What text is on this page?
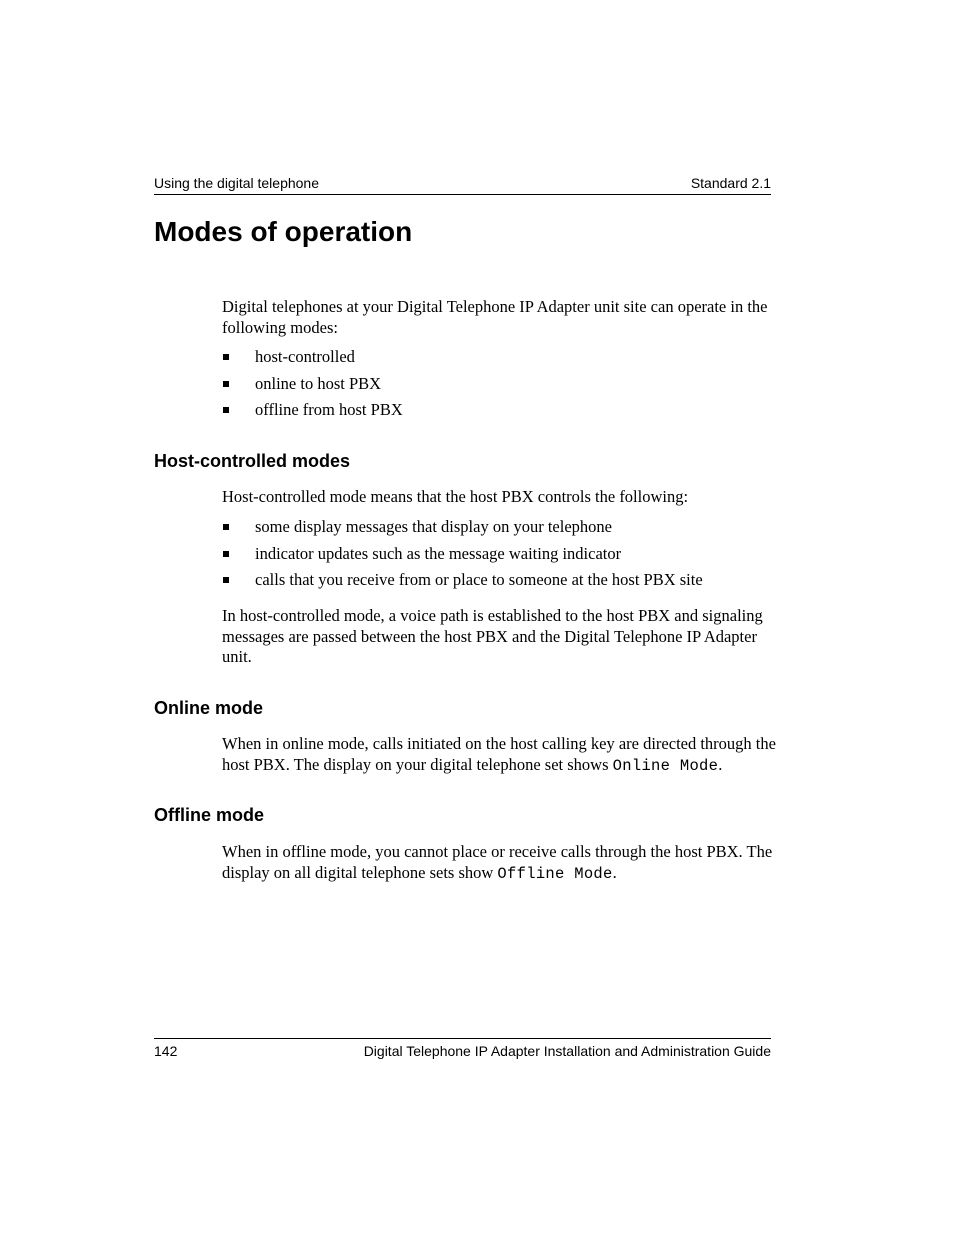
Using the digital telephone	Standard 2.1
Modes of operation

Digital telephones at your Digital Telephone IP Adapter unit site can operate in the following modes:

host-controlled
online to host PBX
offline from host PBX
Host-controlled modes

Host-controlled mode means that the host PBX controls the following:

some display messages that display on your telephone
indicator updates such as the message waiting indicator
calls that you receive from or place to someone at the host PBX site

In host-controlled mode, a voice path is established to the host PBX and signaling messages are passed between the host PBX and the Digital Telephone IP Adapter unit.

Online mode

When in online mode, calls initiated on the host calling key are directed through the host PBX. The display on your digital telephone set shows Online Mode.

Offline mode

When in offline mode, you cannot place or receive calls through the host PBX. The display on all digital telephone sets show Offline Mode.

142	Digital Telephone IP Adapter Installation and Administration Guide
